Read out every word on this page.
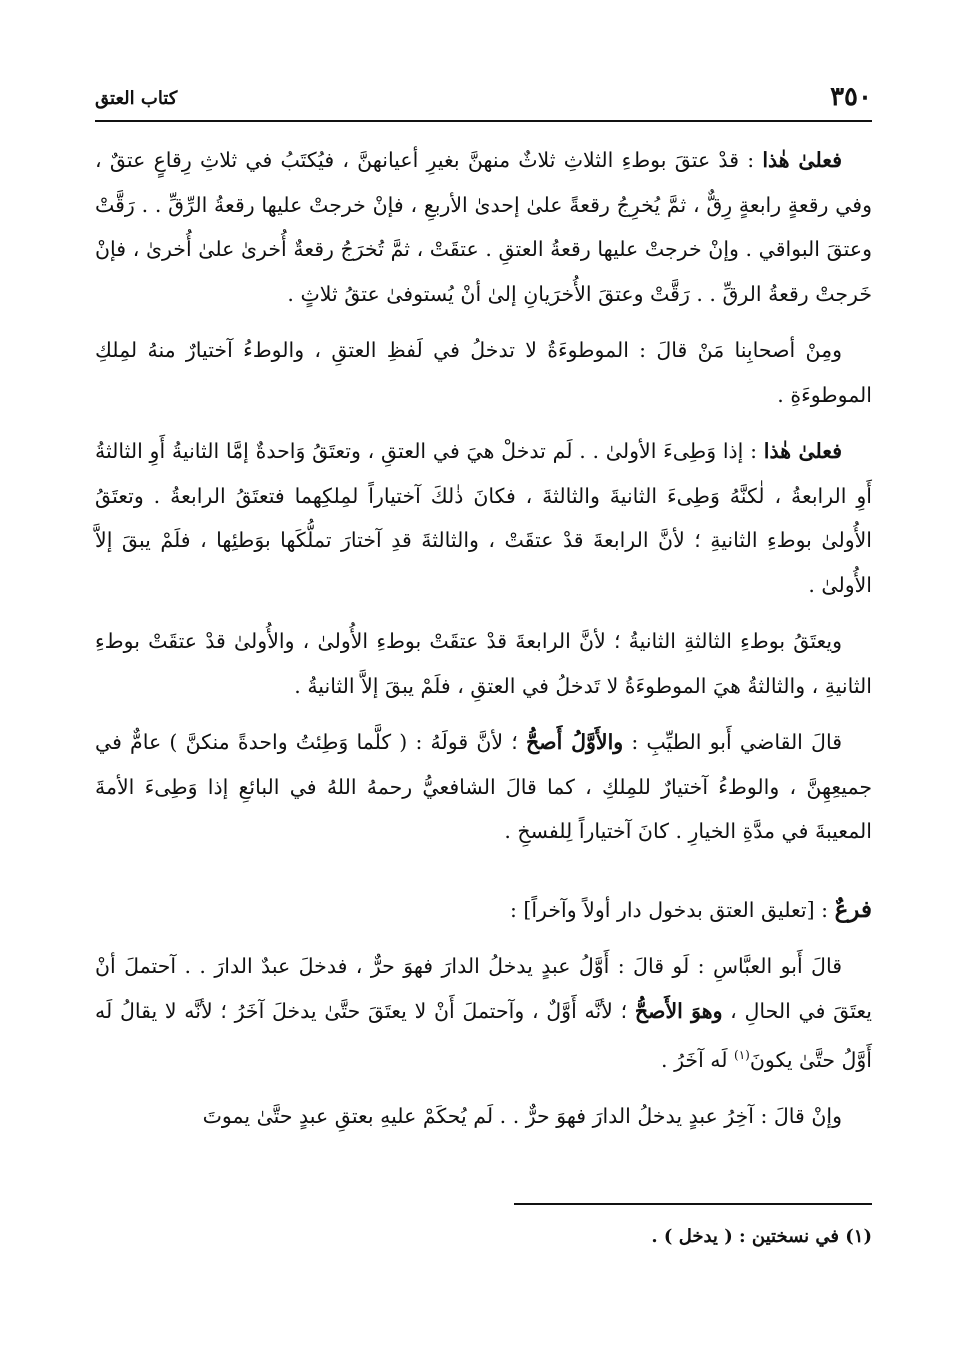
٣٥٠
كتاب العتق

فعلىٰ هٰذا : قدْ عتقَ بوطءِ الثلاثِ ثلاثٌ منهنَّ بغيرِ أعيانهنَّ ، فيُكتَبُ في ثلاثِ رِقاعٍ عتقٌ ، وفي رقعةٍ رابعةٍ رِقٌّ ، ثمَّ يُخرِجُ رقعةً علىٰ إحدىٰ الأربعِ ، فإنْ خرجتْ عليها رقعةُ الرِّقِّ . . رَقَّتْ وعتقَ البواقي . وإنْ خرجتْ عليها رقعةُ العتقِ . عتقَتْ ، ثمَّ تُخرَجُ رقعةٌ أُخرىٰ علىٰ أُخرىٰ ، فإنْ خَرجتْ رقعةُ الرقِّ . . رَقَّتْ وعتقَ الأُخرَيانِ إلىٰ أنْ يُستوفىٰ عتقُ ثلاثٍ .

ومِنْ أصحابِنا مَنْ قالَ : الموطوءَةُ لا تدخلُ في لَفظِ العتقِ ، والوطءُ آختيارٌ منهُ لمِلكِ الموطوءَةِ .

فعلىٰ هٰذا : إذا وَطِىءَ الأولىٰ . . لَم تدخلْ هيَ في العتقِ ، وتعتَقُ وَاحدةٌ إمَّا الثانيةُ أَوِ الثالثةُ أَوِ الرابعةُ ، لٰكنَّهُ وَطِىءَ الثانيةَ والثالثةَ ، فكانَ ذٰلكَ آختياراً لمِلكِهما فتعتَقُ الرابعةُ . وتعتَقُ الأُولىٰ بوطءِ الثانيةِ ؛ لأنَّ الرابعةَ قدْ عتقَتْ ، والثالثةَ قدِ آختارَ تملُّكَها بوَطئِها ، فلَمْ يبقَ إلاَّ الأُولىٰ .

ويعتَقُ بوطءِ الثالثةِ الثانيةُ ؛ لأنَّ الرابعةَ قدْ عتقَتْ بوطءِ الأُولىٰ ، والأُولىٰ قدْ عتقَتْ بوطءِ الثانيةِ ، والثالثةُ هيَ الموطوءَةُ لا تَدخلُ في العتقِ ، فلَمْ يبقَ إلاَّ الثانيةُ .

قالَ القاضي أَبو الطيِّبِ : والأَوَّلُ أَصحُّ ؛ لأنَّ قولَهُ : ( كلَّما وَطِئتُ واحدةً منكنَّ ) عامٌّ في جميعِهِنَّ ، والوطءُ آختيارٌ للمِلكِ ، كما قالَ الشافعيُّ رحمهُ اللهُ في البائعِ إذا وَطِىءَ الأمةَ المعيبةَ في مدَّةِ الخيارِ . كانَ آختياراً لِلفسخِ .

فرعٌ : [تعليق العتق بدخول دار أولاً وآخراً] :

قالَ أَبو العبَّاسِ : لَو قالَ : أَوَّلُ عبدٍ يدخلُ الدارَ فهوَ حرٌّ ، فدخلَ عبدٌ الدارَ . . آحتملَ أنْ يعتَقَ في الحالِ ، وهوَ الأَصحُّ ؛ لأنَّه أَوَّلٌ ، وآحتملَ أَنْ لا يعتَقَ حتَّىٰ يدخلَ آخَرُ ؛ لأنَّه لا يقالُ لَه أَوَّلُ حتَّىٰ يكونَ$^{(١)}$ لَه آخَرُ .

وإنْ قالَ : آخِرُ عبدٍ يدخلُ الدارَ فهوَ حرٌّ . . لَم يُحكَمْ عليهِ بعتقِ عبدٍ حتَّىٰ يموتَ

(١) في نسختين : ( يدخل ) .
